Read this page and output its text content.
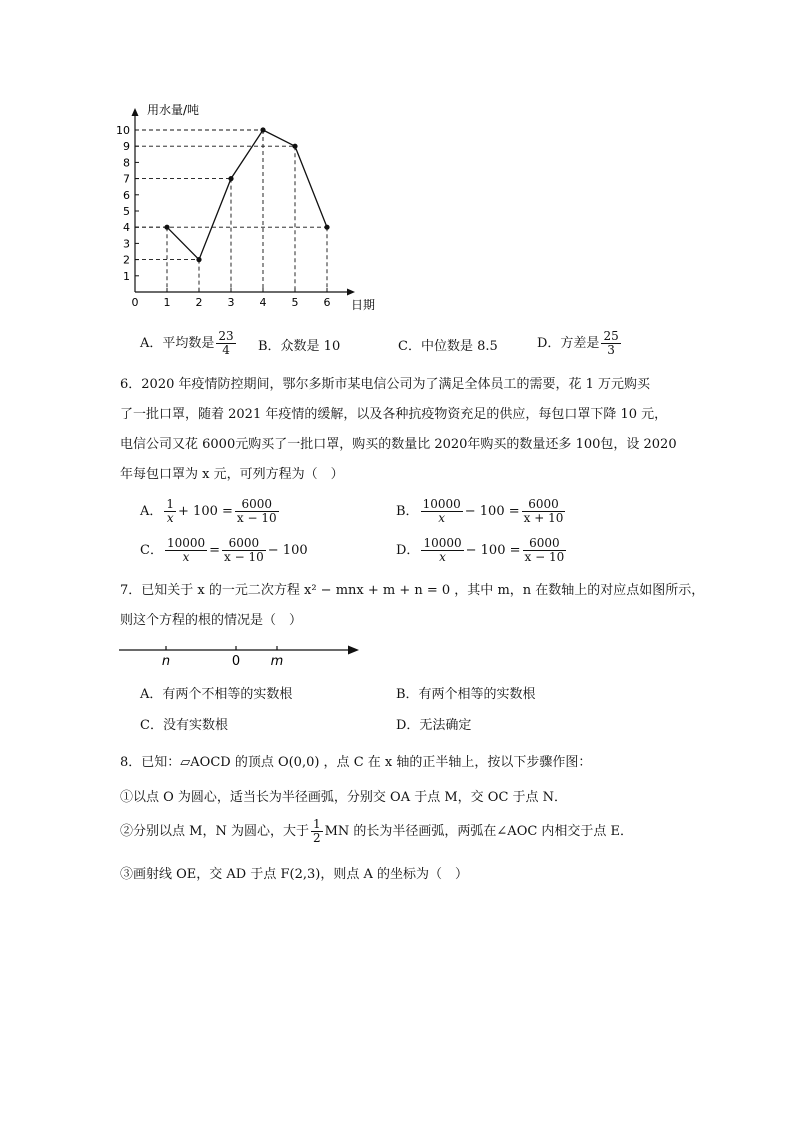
1
2
3
4
5
6
7
8
9
10
1 2 3 4 5 6
0
用水量/吨
日期
A．平均数是 $\frac{23}{4}$ B．众数是 10	C．中位数是 8.5	D．方差是 $\frac{25}{3}$
6．2020 年疫情防控期间，鄂尔多斯市某电信公司为了满足全体员工的需要，花 1 万元购买
了一批口罩，随着 2021 年疫情的缓解，以及各种抗疫物资充足的供应，每包口罩下降 10 元，
电信公司又花 6000元购买了一批口罩，购买的数量比 2020年购买的数量还多 100包，设 2020
年每包口罩为 x 元，可列方程为（　）
A． $\frac{1}{x} + 100 = \frac{6000}{x - 10}$	B． $\frac{10000}{x} - 100 = \frac{6000}{x + 10}$
C． $\frac{10000}{x} = \frac{6000}{x - 10} - 100$	D． $\frac{10000}{x} - 100 = \frac{6000}{x - 10}$
7．已知关于 x 的一元二次方程 x² − mnx + m + n = 0 ，其中 m，n 在数轴上的对应点如图所示，
则这个方程的根的情况是（　）
n	0 m
A．有两个不相等的实数根	B．有两个相等的实数根
C．没有实数根	D．无法确定
8．已知：▱AOCD 的顶点 O(0,0) ，点 C 在 x 轴的正半轴上，按以下步骤作图：
①以点 O 为圆心，适当长为半径画弧，分别交 OA 于点 M，交 OC 于点 N．
②分别以点 M，N 为圆心，大于 $\frac{1}{2}$ MN 的长为半径画弧，两弧在∠AOC 内相交于点 E．
③画射线 OE，交 AD 于点 F(2,3)，则点 A 的坐标为（　）
